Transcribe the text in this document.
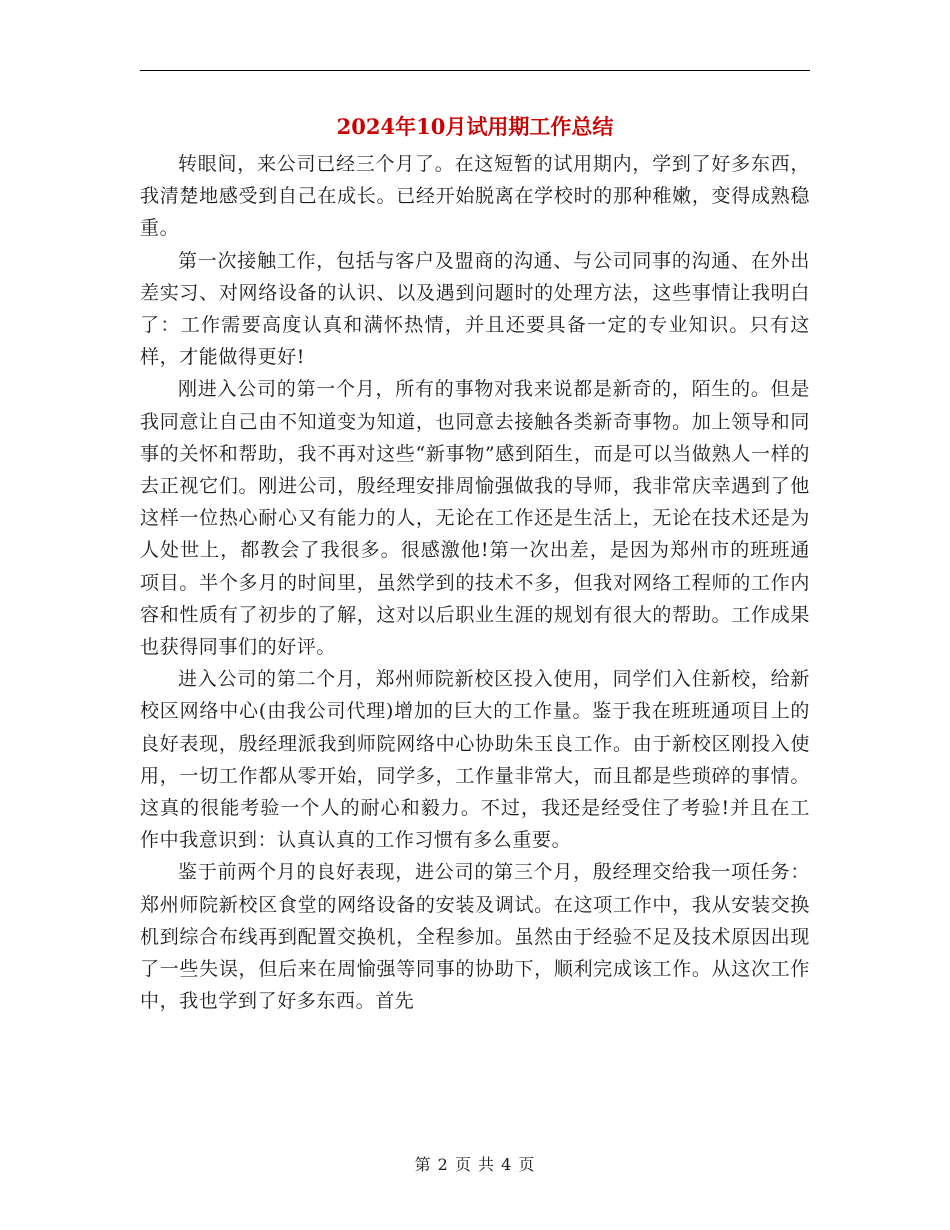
2024年10月试用期工作总结

转眼间，来公司已经三个月了。在这短暂的试用期内，学到了好多东西，我清楚地感受到自己在成长。已经开始脱离在学校时的那种稚嫩，变得成熟稳重。

第一次接触工作，包括与客户及盟商的沟通、与公司同事的沟通、在外出差实习、对网络设备的认识、以及遇到问题时的处理方法，这些事情让我明白了：工作需要高度认真和满怀热情，并且还要具备一定的专业知识。只有这样，才能做得更好!

刚进入公司的第一个月，所有的事物对我来说都是新奇的，陌生的。但是我同意让自己由不知道变为知道，也同意去接触各类新奇事物。加上领导和同事的关怀和帮助，我不再对这些“新事物”感到陌生，而是可以当做熟人一样的去正视它们。刚进公司，殷经理安排周愉强做我的导师，我非常庆幸遇到了他这样一位热心耐心又有能力的人，无论在工作还是生活上，无论在技术还是为人处世上，都教会了我很多。很感激他!第一次出差，是因为郑州市的班班通项目。半个多月的时间里，虽然学到的技术不多，但我对网络工程师的工作内容和性质有了初步的了解，这对以后职业生涯的规划有很大的帮助。工作成果也获得同事们的好评。

进入公司的第二个月，郑州师院新校区投入使用，同学们入住新校，给新校区网络中心(由我公司代理)增加的巨大的工作量。鉴于我在班班通项目上的良好表现，殷经理派我到师院网络中心协助朱玉良工作。由于新校区刚投入使用，一切工作都从零开始，同学多，工作量非常大，而且都是些琐碎的事情。这真的很能考验一个人的耐心和毅力。不过，我还是经受住了考验!并且在工作中我意识到：认真认真的工作习惯有多么重要。

鉴于前两个月的良好表现，进公司的第三个月，殷经理交给我一项任务：郑州师院新校区食堂的网络设备的安装及调试。在这项工作中，我从安装交换机到综合布线再到配置交换机，全程参加。虽然由于经验不足及技术原因出现了一些失误，但后来在周愉强等同事的协助下，顺利完成该工作。从这次工作中，我也学到了好多东西。首先

第 2 页 共 4 页
